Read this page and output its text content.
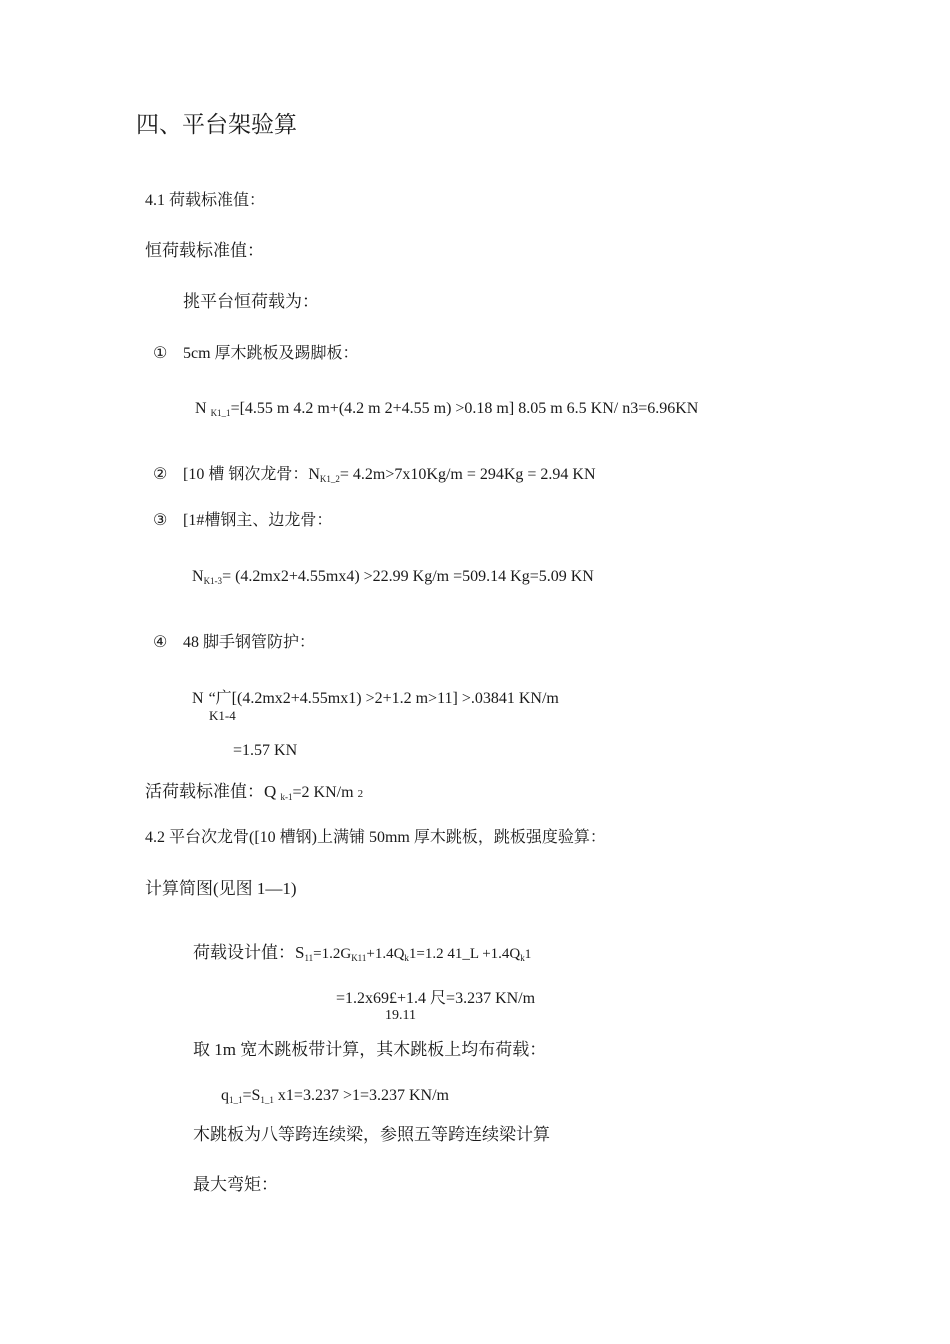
四、平台架验算
4.1 荷载标准值：
恒荷载标准值：
挑平台恒荷载为：
① 5cm 厚木跳板及踢脚板：
N K1_1=[4.55 m 4.2 m+(4.2 m 2+4.55 m) >0.18 m] 8.05 m 6.5 KN/ n3=6.96KN
② [10 槽 钢次龙骨：NK1_2= 4.2m>7x10Kg/m = 294Kg = 2.94 KN
③ [1#槽钢主、边龙骨：
NK1-3= (4.2mx2+4.55mx4) >22.99 Kg/m =509.14 Kg=5.09 KN
④ 48 脚手钢管防护：
N “广[(4.2mx2+4.55mx1) >2+1.2 m>11] >.03841 KN/m
K1-4
=1.57 KN
活荷载标准值：Q k-1=2 KN/m 2
4.2 平台次龙骨([10 槽钢)上满铺 50mm 厚木跳板，跳板强度验算：
计算简图(见图 1—1)
荷载设计值：S11=1.2GK11+1.4Qk1=1.2 41_L +1.4Qk1
=1.2x69£+1.4 尺=3.237 KN/m
19.11
取 1m 宽木跳板带计算，其木跳板上均布荷载：
q1_1=S1_1 x1=3.237 >1=3.237 KN/m
木跳板为八等跨连续梁，参照五等跨连续梁计算
最大弯矩：
